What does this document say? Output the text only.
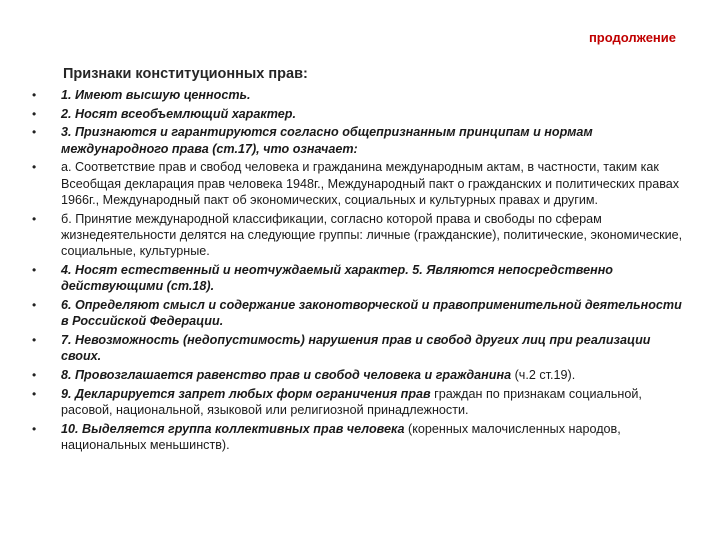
продолжение
Признаки конституционных прав:
• 1. Имеют высшую ценность.
• 2. Носят всеобъемлющий характер.
• 3. Признаются и гарантируются согласно общепризнанным принципам и нормам международного права (ст.17), что означает:
• а. Соответствие прав и свобод человека и гражданина международным актам, в частности, таким как Всеобщая декларация прав человека 1948г., Международный пакт о гражданских и политических правах 1966г., Международный пакт об экономических, социальных и культурных правах и другим.
• б. Принятие международной классификации, согласно которой права и свободы по сферам жизнедеятельности делятся на следующие группы: личные (гражданские), политические, экономические, социальные, культурные.
• 4. Носят естественный и неотчуждаемый характер. 5. Являются непосредственно действующими (ст.18).
• 6. Определяют смысл и содержание законотворческой и правоприменительной деятельности в Российской Федерации.
• 7. Невозможность (недопустимость) нарушения прав и свобод других лиц при реализации своих.
• 8. Провозглашается равенство прав и свобод человека и гражданина (ч.2 ст.19).
• 9. Декларируется запрет любых форм ограничения прав граждан по признакам социальной, расовой, национальной, языковой или религиозной принадлежности.
• 10. Выделяется группа коллективных прав человека (коренных малочисленных народов, национальных меньшинств).
